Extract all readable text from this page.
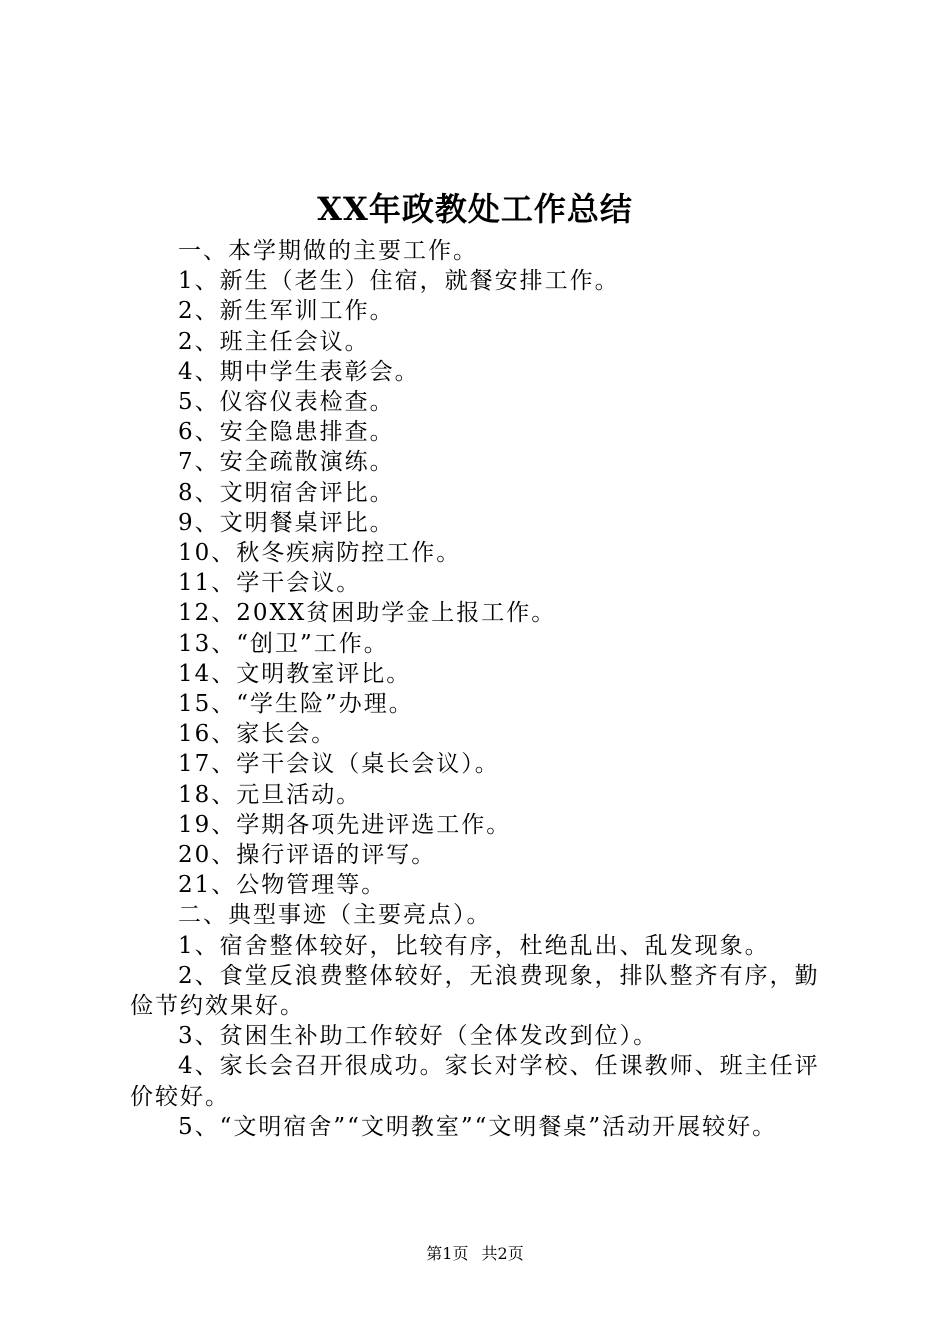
XX年政教处工作总结

一、本学期做的主要工作。

1、新生（老生）住宿，就餐安排工作。

2、新生军训工作。

2、班主任会议。

4、期中学生表彰会。

5、仪容仪表检查。

6、安全隐患排查。

7、安全疏散演练。

8、文明宿舍评比。

9、文明餐桌评比。

10、秋冬疾病防控工作。

11、学干会议。

12、20XX贫困助学金上报工作。

13、“创卫”工作。

14、文明教室评比。

15、“学生险”办理。

16、家长会。

17、学干会议（桌长会议）。

18、元旦活动。

19、学期各项先进评选工作。

20、操行评语的评写。

21、公物管理等。

二、典型事迹（主要亮点）。

1、宿舍整体较好，比较有序，杜绝乱出、乱发现象。

2、食堂反浪费整体较好，无浪费现象，排队整齐有序，勤俭节约效果好。

3、贫困生补助工作较好（全体发改到位）。

4、家长会召开很成功。家长对学校、任课教师、班主任评价较好。

5、“文明宿舍”“文明教室”“文明餐桌”活动开展较好。

第1页 共2页
